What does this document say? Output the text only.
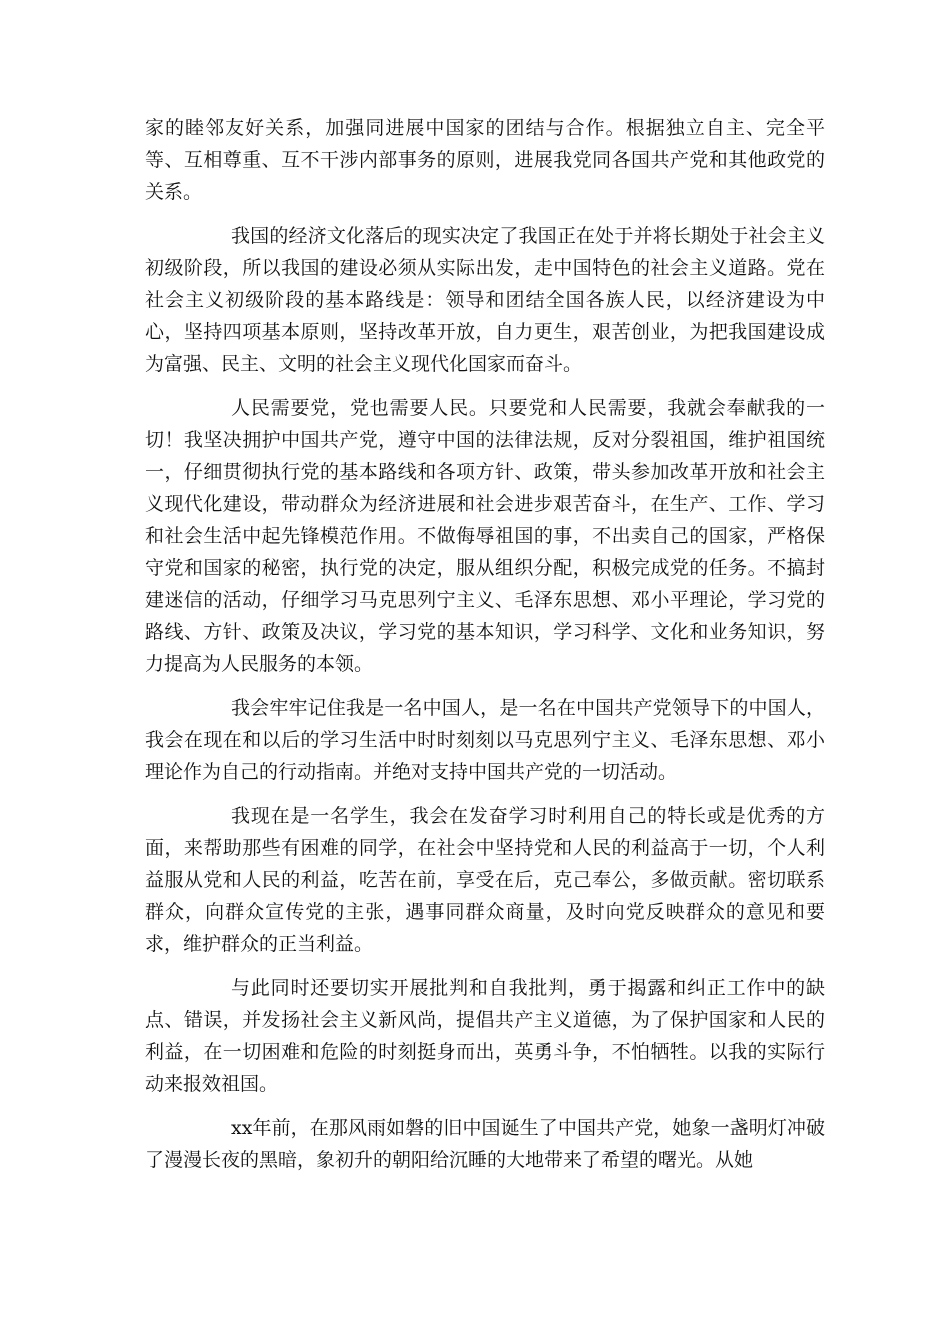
家的睦邻友好关系，加强同进展中国家的团结与合作。根据独立自主、完全平等、互相尊重、互不干涉内部事务的原则，进展我党同各国共产党和其他政党的关系。

我国的经济文化落后的现实决定了我国正在处于并将长期处于社会主义初级阶段，所以我国的建设必须从实际出发，走中国特色的社会主义道路。党在社会主义初级阶段的基本路线是：领导和团结全国各族人民，以经济建设为中心，坚持四项基本原则，坚持改革开放，自力更生，艰苦创业，为把我国建设成为富强、民主、文明的社会主义现代化国家而奋斗。

人民需要党，党也需要人民。只要党和人民需要，我就会奉献我的一切！我坚决拥护中国共产党，遵守中国的法律法规，反对分裂祖国，维护祖国统一，仔细贯彻执行党的基本路线和各项方针、政策，带头参加改革开放和社会主义现代化建设，带动群众为经济进展和社会进步艰苦奋斗，在生产、工作、学习和社会生活中起先锋模范作用。不做侮辱祖国的事，不出卖自己的国家，严格保守党和国家的秘密，执行党的决定，服从组织分配，积极完成党的任务。不搞封建迷信的活动，仔细学习马克思列宁主义、毛泽东思想、邓小平理论，学习党的路线、方针、政策及决议，学习党的基本知识，学习科学、文化和业务知识，努力提高为人民服务的本领。

我会牢牢记住我是一名中国人，是一名在中国共产党领导下的中国人，我会在现在和以后的学习生活中时时刻刻以马克思列宁主义、毛泽东思想、邓小理论作为自己的行动指南。并绝对支持中国共产党的一切活动。

我现在是一名学生，我会在发奋学习时利用自己的特长或是优秀的方面，来帮助那些有困难的同学，在社会中坚持党和人民的利益高于一切，个人利益服从党和人民的利益，吃苦在前，享受在后，克己奉公，多做贡献。密切联系群众，向群众宣传党的主张，遇事同群众商量，及时向党反映群众的意见和要求，维护群众的正当利益。

与此同时还要切实开展批判和自我批判，勇于揭露和纠正工作中的缺点、错误，并发扬社会主义新风尚，提倡共产主义道德，为了保护国家和人民的利益，在一切困难和危险的时刻挺身而出，英勇斗争，不怕牺牲。以我的实际行动来报效祖国。

xx年前，在那风雨如磐的旧中国诞生了中国共产党，她象一盏明灯冲破了漫漫长夜的黑暗，象初升的朝阳给沉睡的大地带来了希望的曙光。从她
